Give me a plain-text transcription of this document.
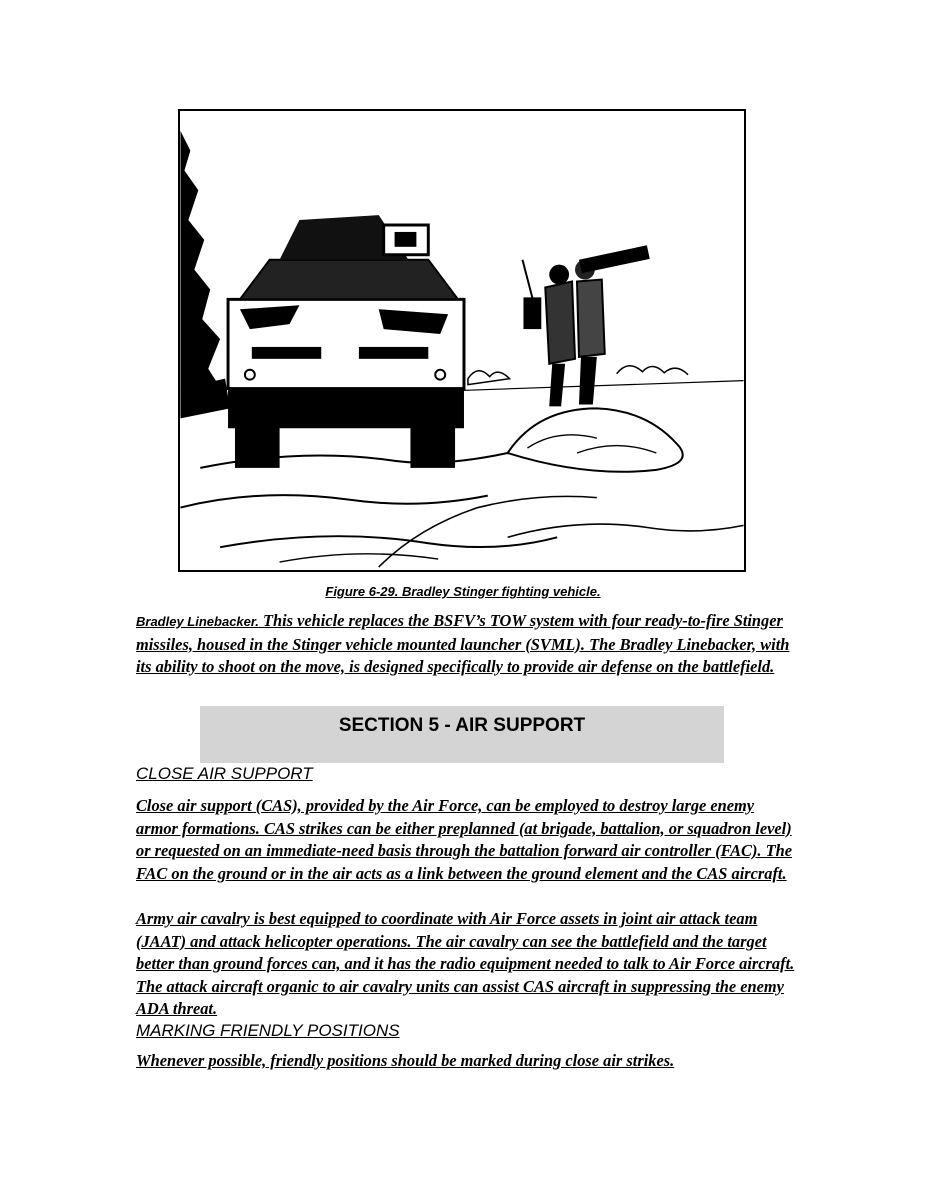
Figure 6-29. Bradley Stinger fighting vehicle.

Bradley Linebacker. This vehicle replaces the BSFV’s TOW system with four ready-to-fire Stinger missiles, housed in the Stinger vehicle mounted launcher (SVML). The Bradley Linebacker, with its ability to shoot on the move, is designed specifically to provide air defense on the battlefield.

SECTION 5 - AIR SUPPORT

CLOSE AIR SUPPORT

Close air support (CAS), provided by the Air Force, can be employed to destroy large enemy armor formations. CAS strikes can be either preplanned (at brigade, battalion, or squadron level) or requested on an immediate-need basis through the battalion forward air controller (FAC). The FAC on the ground or in the air acts as a link between the ground element and the CAS aircraft.

Army air cavalry is best equipped to coordinate with Air Force assets in joint air attack team (JAAT) and attack helicopter operations. The air cavalry can see the battlefield and the target better than ground forces can, and it has the radio equipment needed to talk to Air Force aircraft. The attack aircraft organic to air cavalry units can assist CAS aircraft in suppressing the enemy ADA threat.

MARKING FRIENDLY POSITIONS

Whenever possible, friendly positions should be marked during close air strikes.
